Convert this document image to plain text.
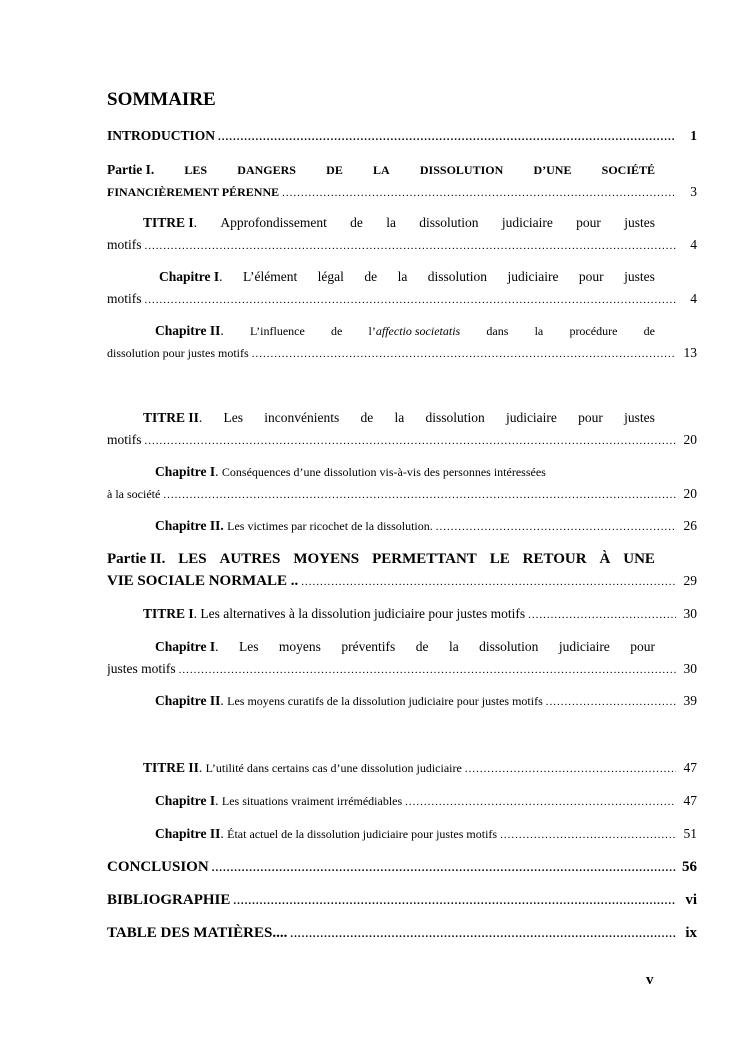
SOMMAIRE
INTRODUCTION .....	1
Partie I.	LES	DANGERS	DE	LA	DISSOLUTION	D’UNE	SOCIÉTÉ
FINANCIÈREMENT PÉRENNE .....	3
TITRE I. Approfondissement de la dissolution judiciaire pour justes
motifs .....	4
Chapitre I. L’élément légal de la dissolution judiciaire pour justes
motifs .....	4
Chapitre II. L’influence de l’affectio societatis dans la procédure de
dissolution pour justes motifs .....	13
TITRE II. Les inconvénients de la dissolution judiciaire pour justes
motifs .....	20
Chapitre I . Conséquences d’une dissolution vis-à-vis des personnes intéressées
à la société .....	20
Chapitre II.
Les victimes par ricochet de la dissolution. .....	26
Partie II. LES AUTRES MOYENS PERMETTANT LE RETOUR À UNE
VIE SOCIALE NORMALE .. .....	29
TITRE I . Les alternatives à la dissolution judiciaire pour justes motifs .....	30
Chapitre I. Les moyens préventifs de la dissolution judiciaire pour
justes motifs .....	30
Chapitre II . Les moyens curatifs de la dissolution judiciaire pour justes motifs .....	39
TITRE II . L’utilité dans certains cas d’une dissolution judiciaire .....	47
Chapitre I . Les situations vraiment irrémédiables .....	47
Chapitre II . État actuel de la dissolution judiciaire pour justes motifs .....	51
CONCLUSION .....	56
BIBLIOGRAPHIE .....	vi
TABLE DES MATIÈRES.... .....	ix
v
